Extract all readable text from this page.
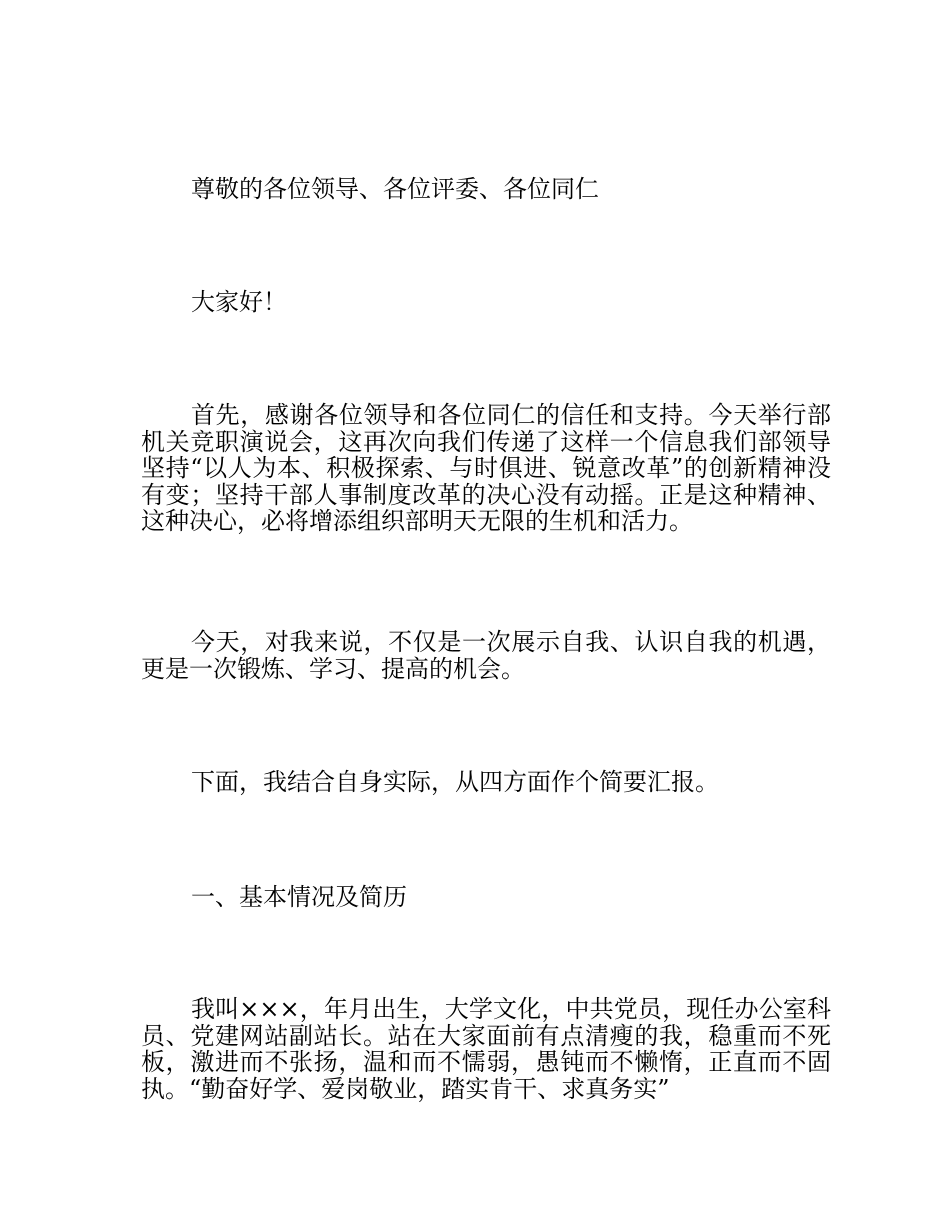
尊敬的各位领导、各位评委、各位同仁

大家好！

首先，感谢各位领导和各位同仁的信任和支持。今天举行部机关竞职演说会，这再次向我们传递了这样一个信息我们部领导坚持“以人为本、积极探索、与时俱进、锐意改革”的创新精神没有变；坚持干部人事制度改革的决心没有动摇。正是这种精神、这种决心，必将增添组织部明天无限的生机和活力。

今天，对我来说，不仅是一次展示自我、认识自我的机遇，更是一次锻炼、学习、提高的机会。

下面，我结合自身实际，从四方面作个简要汇报。

一、基本情况及简历

我叫×××，年月出生，大学文化，中共党员，现任办公室科员、党建网站副站长。站在大家面前有点清瘦的我，稳重而不死板，激进而不张扬，温和而不懦弱，愚钝而不懒惰，正直而不固执。“勤奋好学、爱岗敬业，踏实肯干、求真务实”
